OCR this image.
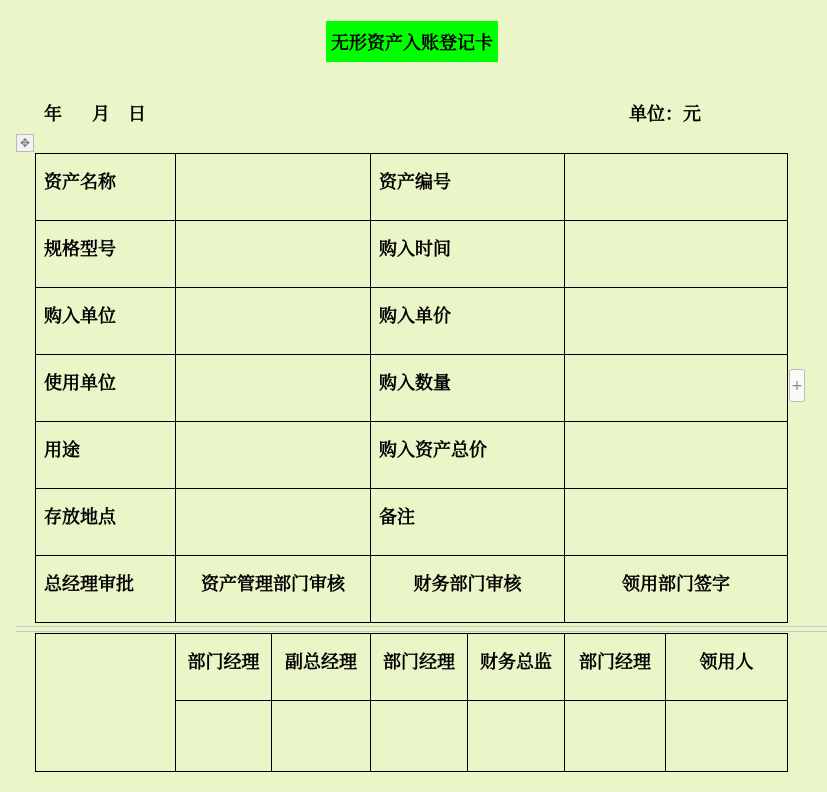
无形资产入账登记卡
年 月 日	单位：元
✥
资产名称		资产编号	
规格型号		购入时间	
购入单位		购入单价	
使用单位		购入数量	
用途		购入资产总价	
存放地点		备注	
总经理审批	资产管理部门审核	财务部门审核	领用部门签字
	部门经理	副总经理	部门经理	财务总监	部门经理	领用人

+
